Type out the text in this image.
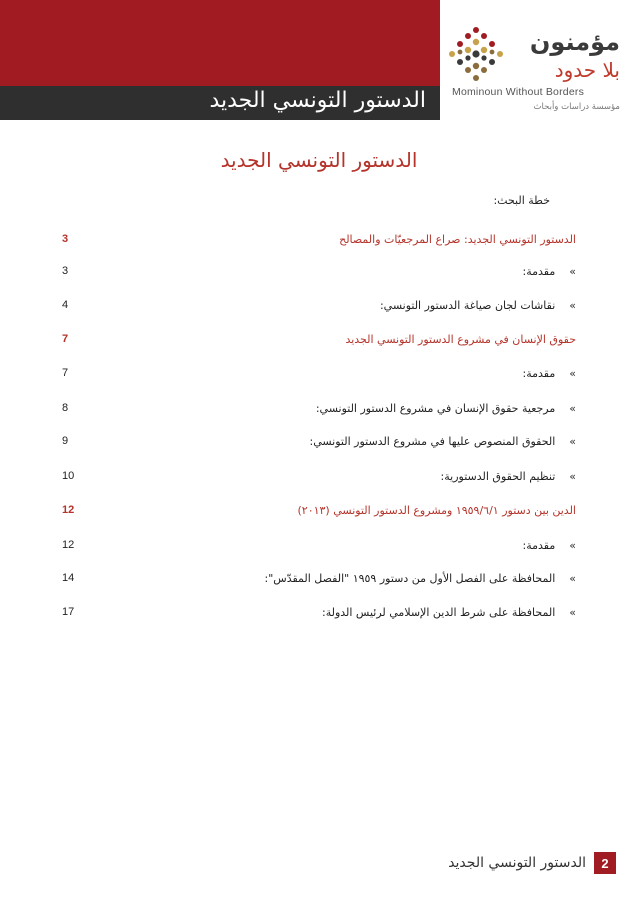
الدستور التونسي الجديد
مؤمنون
بلا حدود
Mominoun Without Borders
مؤسسة دراسات وأبحاث
الدستور التونسي الجديد
خطة البحث:
الدستور التونسي الجديد: صراع المرجعيّات والمصالح
3
»مقدمة:
3
»نقاشات لجان صياغة الدستور التونسي:
4
حقوق الإنسان في مشروع الدستور التونسي الجديد
7
»مقدمة:
7
»مرجعية حقوق الإنسان في مشروع الدستور التونسي:
8
»الحقوق المنصوص عليها في مشروع الدستور التونسي:
9
»تنظيم الحقوق الدستورية:
10
الدين بين دستور ١٩٥٩/٦/١ ومشروع الدستور التونسي (٢٠١٣)
12
»مقدمة:
12
»المحافظة على الفصل الأول من دستور ١٩٥٩ "الفصل المقدّس":
14
»المحافظة على شرط الدين الإسلامي لرئيس الدولة:
17
2
الدستور التونسي الجديد
